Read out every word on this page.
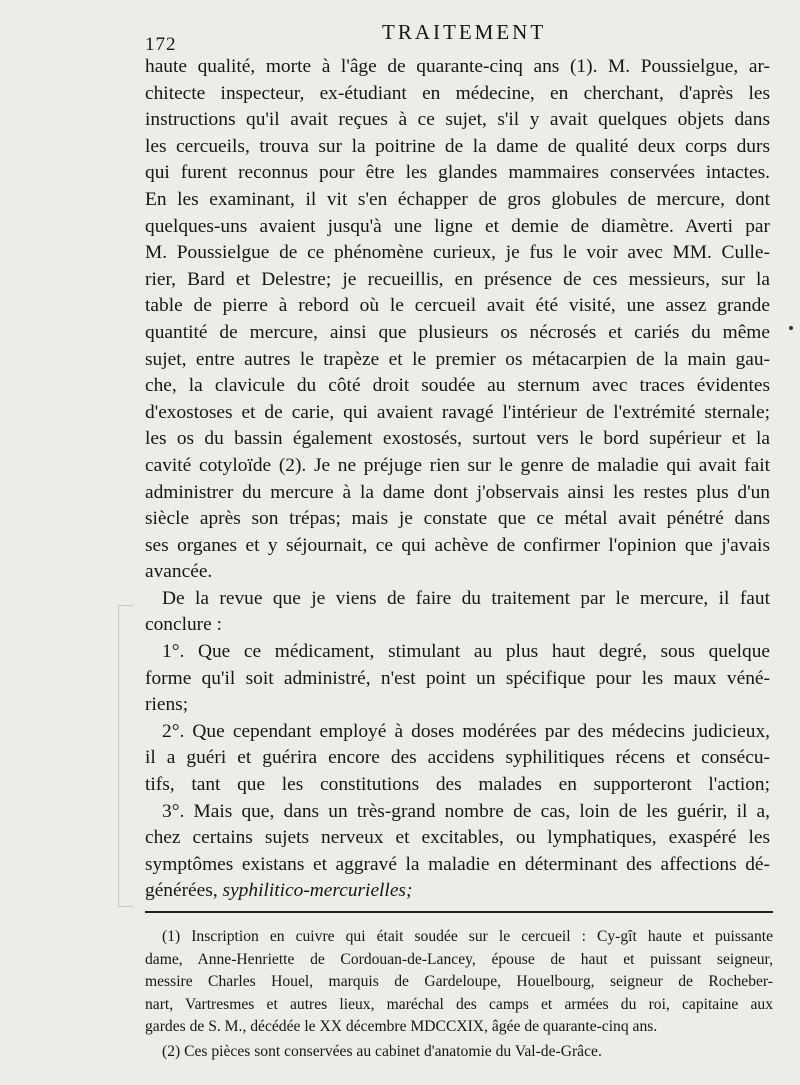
172
TRAITEMENT
haute qualité, morte à l'âge de quarante-cinq ans (1). M. Poussielgue, ar-
chitecte inspecteur, ex-étudiant en médecine, en cherchant, d'après les
instructions qu'il avait reçues à ce sujet, s'il y avait quelques objets dans
les cercueils, trouva sur la poitrine de la dame de qualité deux corps durs
qui furent reconnus pour être les glandes mammaires conservées intactes.
En les examinant, il vit s'en échapper de gros globules de mercure, dont
quelques-uns avaient jusqu'à une ligne et demie de diamètre. Averti par
M. Poussielgue de ce phénomène curieux, je fus le voir avec MM. Culle-
rier, Bard et Delestre; je recueillis, en présence de ces messieurs, sur la
table de pierre à rebord où le cercueil avait été visité, une assez grande
quantité de mercure, ainsi que plusieurs os nécrosés et cariés du même
sujet, entre autres le trapèze et le premier os métacarpien de la main gau-
che, la clavicule du côté droit soudée au sternum avec traces évidentes
d'exostoses et de carie, qui avaient ravagé l'intérieur de l'extrémité sternale;
les os du bassin également exostosés, surtout vers le bord supérieur et la
cavité cotyloïde (2). Je ne préjuge rien sur le genre de maladie qui avait fait
administrer du mercure à la dame dont j'observais ainsi les restes plus d'un
siècle après son trépas; mais je constate que ce métal avait pénétré dans
ses organes et y séjournait, ce qui achève de confirmer l'opinion que j'avais
avancée.
De la revue que je viens de faire du traitement par le mercure, il faut
conclure :
1°. Que ce médicament, stimulant au plus haut degré, sous quelque
forme qu'il soit administré, n'est point un spécifique pour les maux véné-
riens;
2°. Que cependant employé à doses modérées par des médecins judicieux,
il a guéri et guérira encore des accidens syphilitiques récens et consécu-
tifs, tant que les constitutions des malades en supporteront l'action;
3°. Mais que, dans un très-grand nombre de cas, loin de les guérir, il a,
chez certains sujets nerveux et excitables, ou lymphatiques, exaspéré les
symptômes existans et aggravé la maladie en déterminant des affections dé-
générées, syphilitico-mercurielles;
(1) Inscription en cuivre qui était soudée sur le cercueil : Cy-gît haute et puissante
dame, Anne-Henriette de Cordouan-de-Lancey, épouse de haut et puissant seigneur,
messire Charles Houel, marquis de Gardeloupe, Houelbourg, seigneur de Rocheber-
nart, Vartresmes et autres lieux, maréchal des camps et armées du roi, capitaine aux
gardes de S. M., décédée le XX décembre MDCCXIX, âgée de quarante-cinq ans.
(2) Ces pièces sont conservées au cabinet d'anatomie du Val-de-Grâce.
